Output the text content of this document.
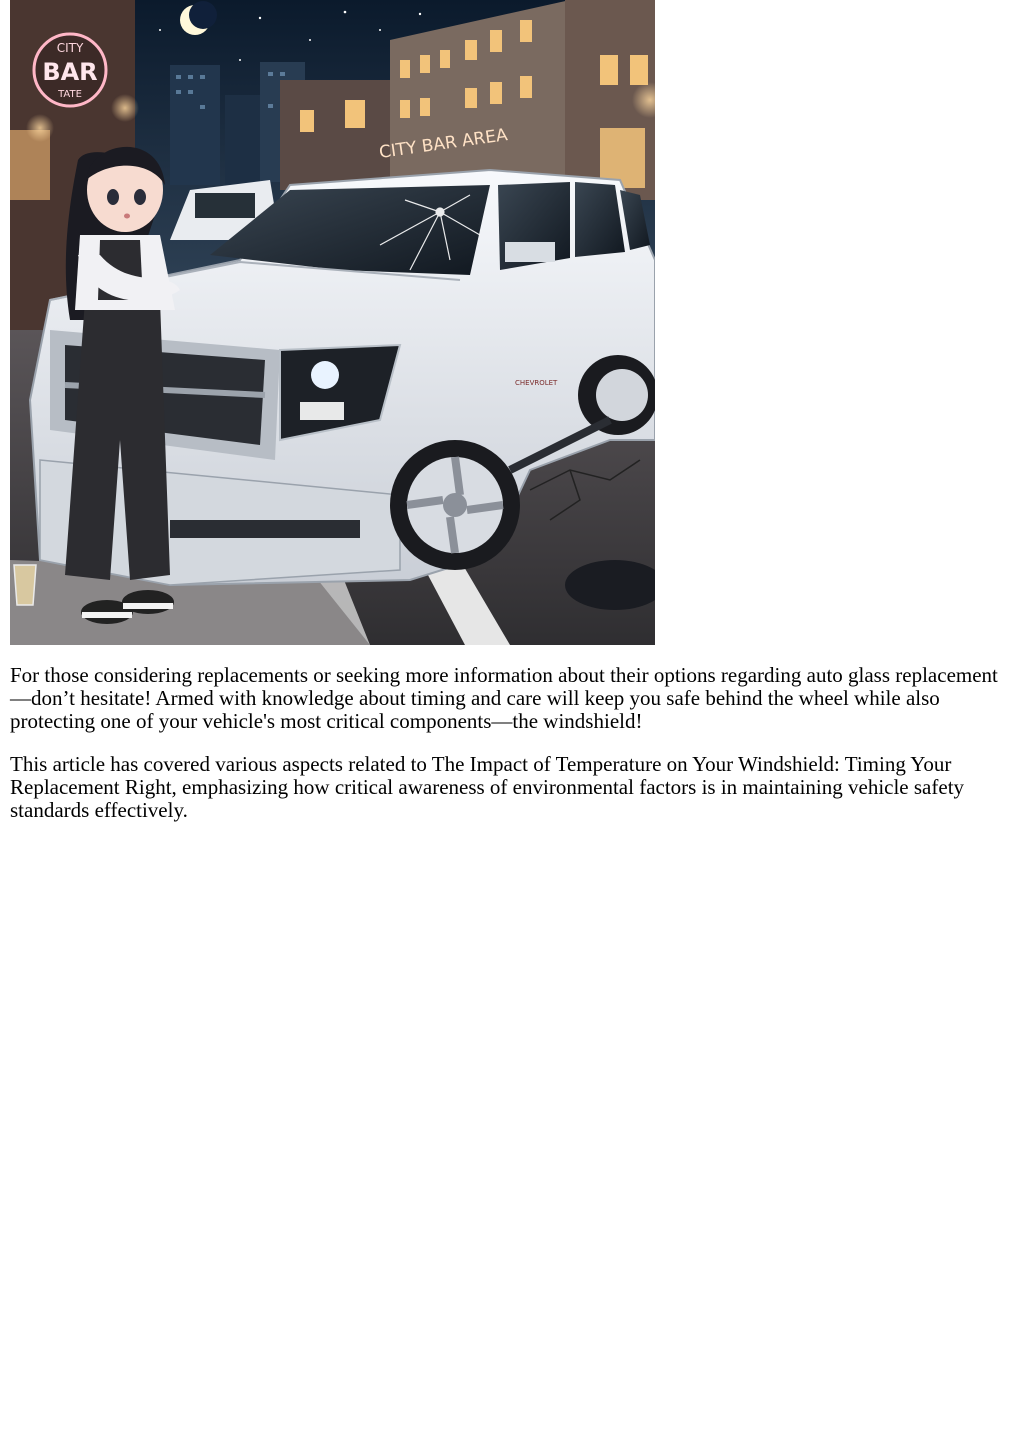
CITY
BAR
TATE
CITY BAR AREA
CHEVROLET

For those considering replacements or seeking more information about their options regarding auto glass replacement—don’t hesitate! Armed with knowledge about timing and care will keep you safe behind the wheel while also protecting one of your vehicle's most critical components—the windshield!

This article has covered various aspects related to The Impact of Temperature on Your Windshield: Timing Your Replacement Right, emphasizing how critical awareness of environmental factors is in maintaining vehicle safety standards effectively.
